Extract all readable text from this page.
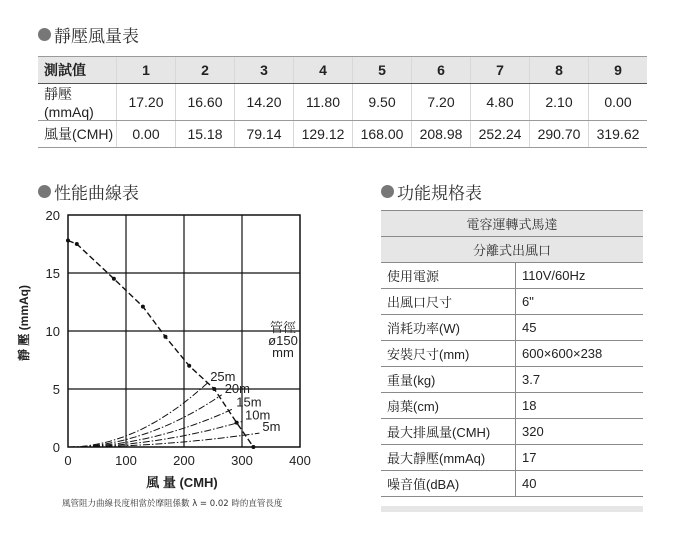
靜壓風量表
測試值	1	2	3	4	5	6	7	8	9
靜壓(mmAq)	17.20	16.60	14.20	11.80	9.50	7.20	4.80	2.10	0.00
風量(CMH)	0.00	15.18	79.14	129.12	168.00	208.98	252.24	290.70	319.62
性能曲線表
0	100	200	300	400
0
5
10
15
20
25m
20m
15m
10m
5m
管徑
ø150
mm
風 量 (CMH)
靜 壓 (mmAq)
風管阻力曲線長度相當於摩阻係數 λ = 0.02 時的直管長度
功能規格表
電容運轉式馬達	
分離式出風口	
使用電源	110V/60Hz
出風口尺寸	6"
消耗功率(W)	45
安裝尺寸(mm)	600×600×238
重量(kg)	3.7
扇葉(cm)	18
最大排風量(CMH)	320
最大靜壓(mmAq)	17
噪音值(dBA)	40
